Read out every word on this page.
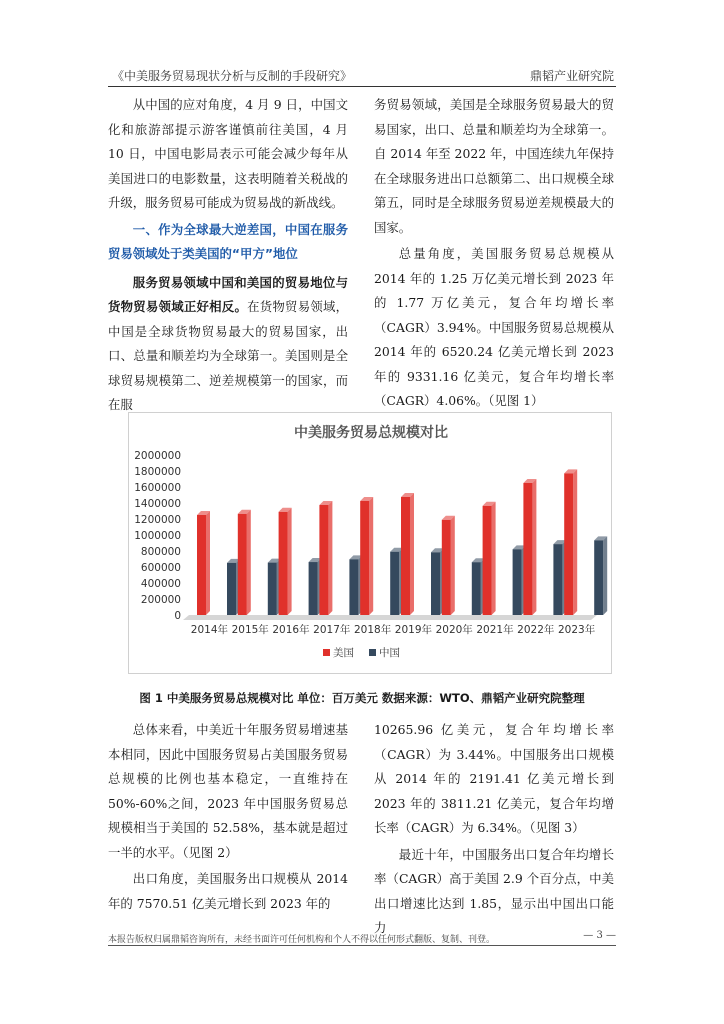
《中美服务贸易现状分析与反制的手段研究》	鼎韬产业研究院

从中国的应对角度，4 月 9 日，中国文化和旅游部提示游客谨慎前往美国，4 月 10 日，中国电影局表示可能会减少每年从美国进口的电影数量，这表明随着关税战的升级，服务贸易可能成为贸易战的新战线。

一、作为全球最大逆差国，中国在服务贸易领域处于类美国的“甲方”地位

服务贸易领域中国和美国的贸易地位与货物贸易领域正好相反。在货物贸易领域，中国是全球货物贸易最大的贸易国家，出口、总量和顺差均为全球第一。美国则是全球贸易规模第二、逆差规模第一的国家，而在服

务贸易领域，美国是全球服务贸易最大的贸易国家，出口、总量和顺差均为全球第一。自 2014 年至 2022 年，中国连续九年保持在全球服务进出口总额第二、出口规模全球第五，同时是全球服务贸易逆差规模最大的国家。

总量角度，美国服务贸易总规模从 2014 年的 1.25 万亿美元增长到 2023 年的 1.77 万亿美元，复合年均增长率（CAGR）3.94%。中国服务贸易总规模从 2014 年的 6520.24 亿美元增长到 2023 年的 9331.16 亿美元，复合年均增长率（CAGR）4.06%。（见图 1）

中美服务贸易总规模对比
0
200000
400000
600000
800000
1000000
1200000
1400000
1600000
1800000
2000000
2014年 2015年 2016年 2017年 2018年 2019年 2020年 2021年 2022年 2023年
美国 中国
图 1 中美服务贸易总规模对比 单位：百万美元 数据来源：WTO、鼎韬产业研究院整理

总体来看，中美近十年服务贸易增速基本相同，因此中国服务贸易占美国服务贸易总规模的比例也基本稳定，一直维持在 50%-60%之间，2023 年中国服务贸易总规模相当于美国的 52.58%，基本就是超过一半的水平。（见图 2）

出口角度，美国服务出口规模从 2014 年的 7570.51 亿美元增长到 2023 年的

10265.96 亿美元，复合年均增长率（CAGR）为 3.44%。中国服务出口规模从 2014 年的 2191.41 亿美元增长到 2023 年的 3811.21 亿美元，复合年均增长率（CAGR）为 6.34%。（见图 3）

最近十年，中国服务出口复合年均增长率（CAGR）高于美国 2.9 个百分点，中美出口增速比达到 1.85，显示出中国出口能力

本报告版权归属鼎韬咨询所有，未经书面许可任何机构和个人不得以任何形式翻版、复制、刊登。	— 3 —
